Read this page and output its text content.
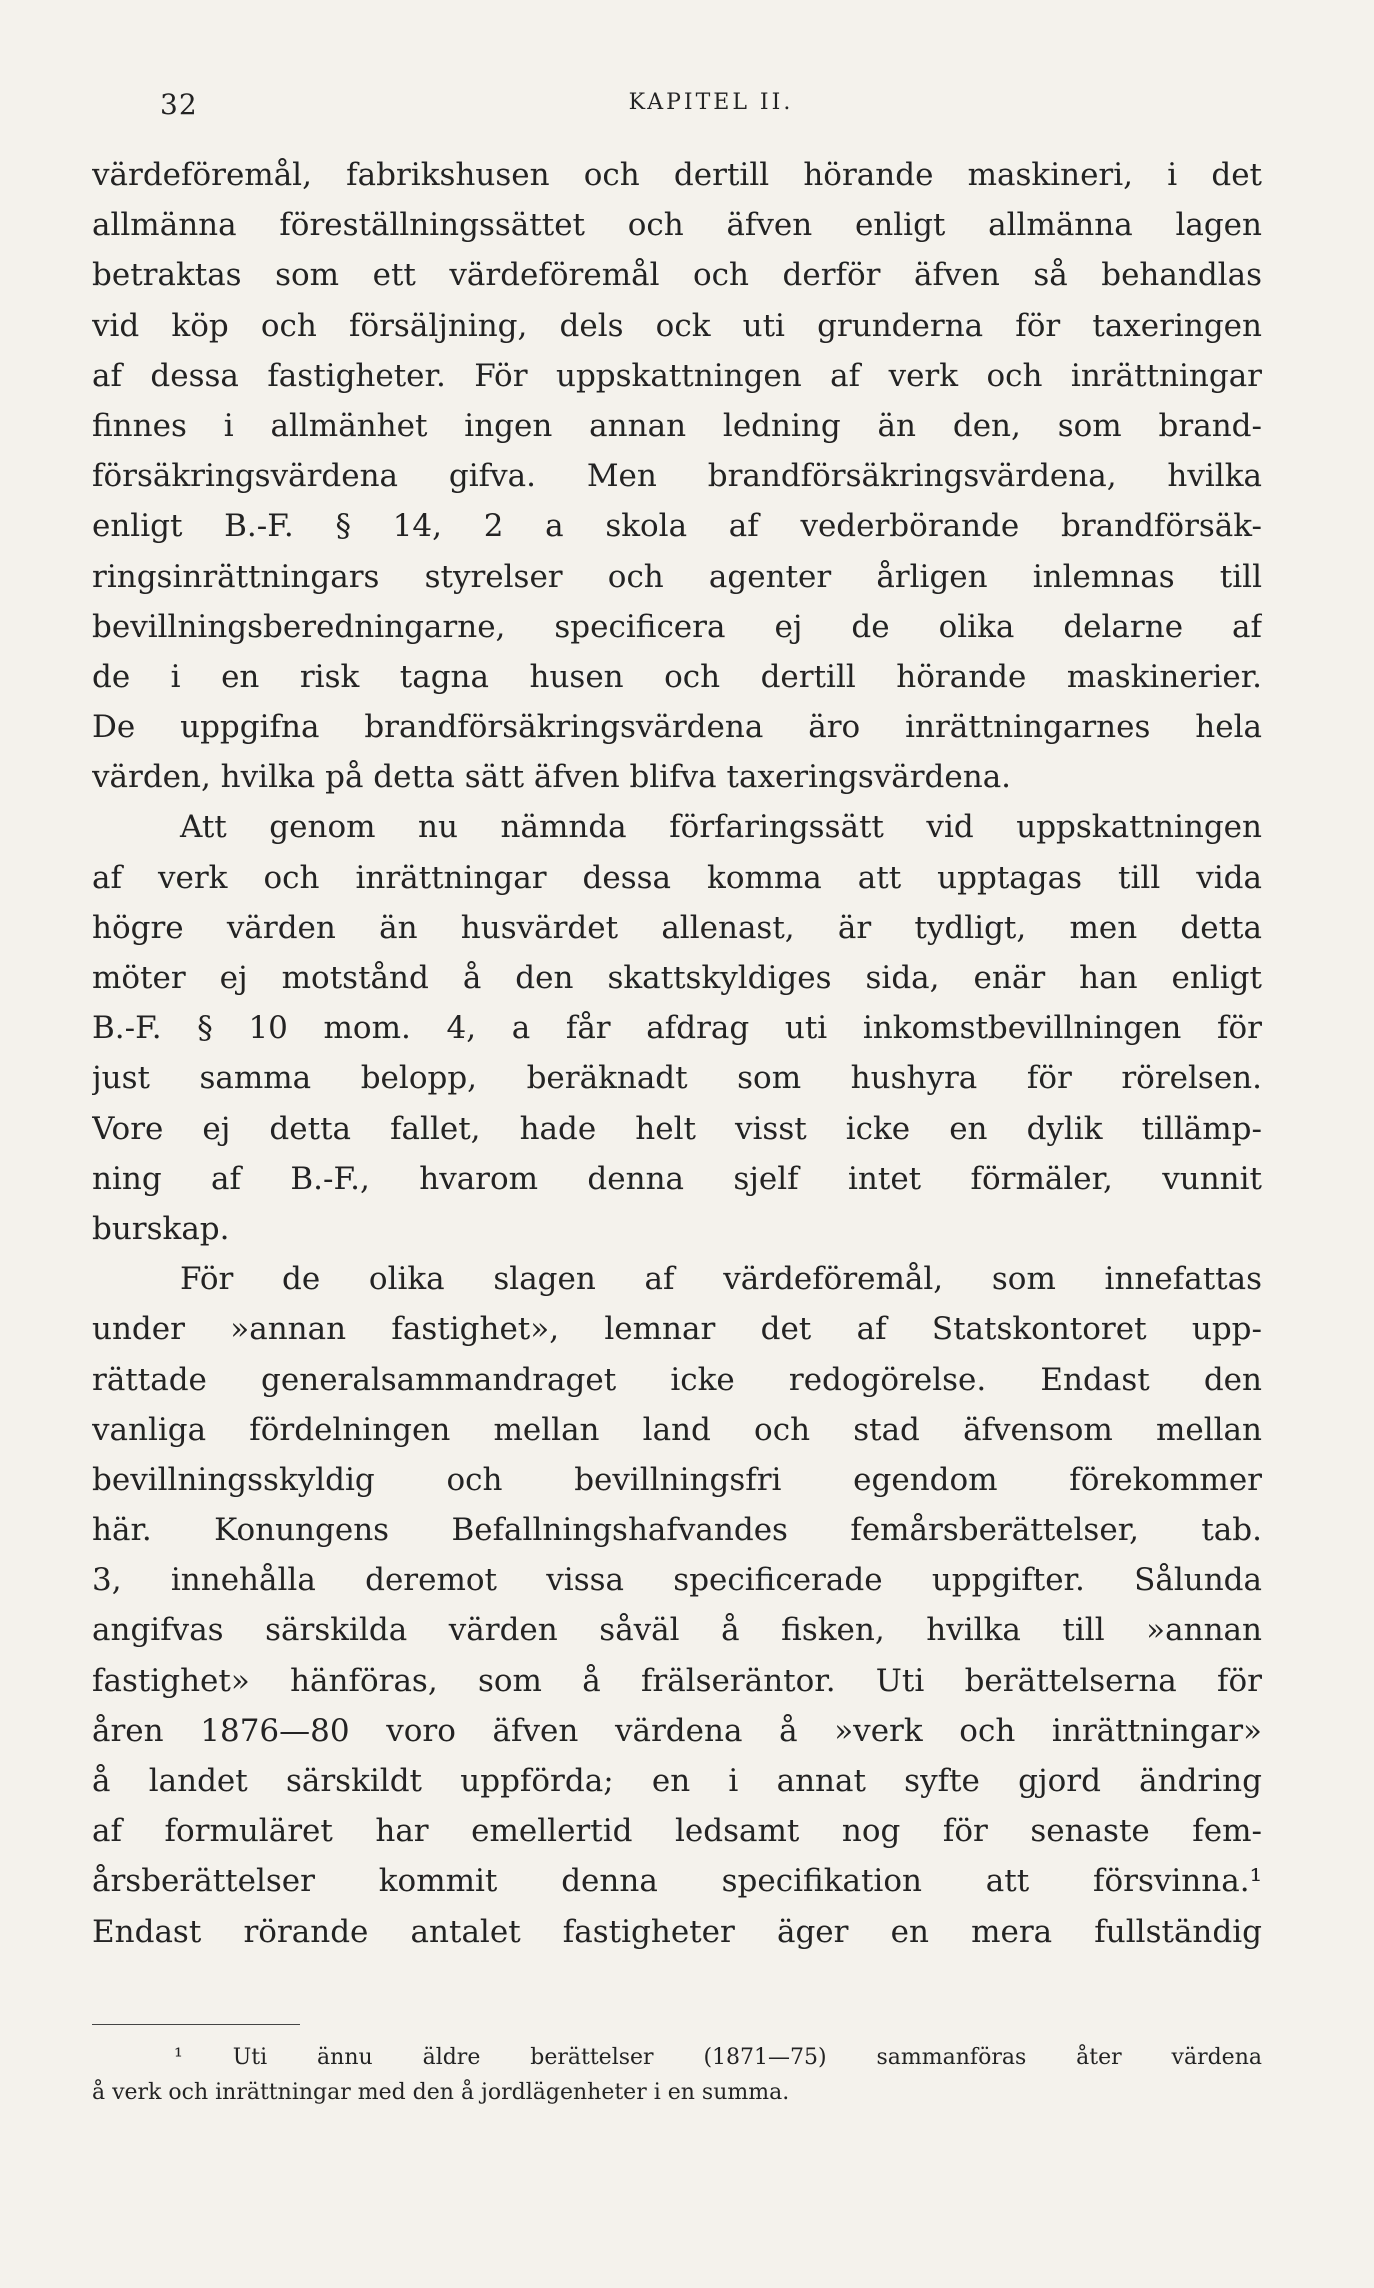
32	KAPITEL II.
värdeföremål, fabrikshusen och dertill hörande maskineri, i det
allmänna föreställningssättet och äfven enligt allmänna lagen
betraktas som ett värdeföremål och derför äfven så behandlas
vid köp och försäljning, dels ock uti grunderna för taxeringen
af dessa fastigheter. För uppskattningen af verk och inrättningar
finnes i allmänhet ingen annan ledning än den, som brand-
försäkringsvärdena gifva. Men brandförsäkringsvärdena, hvilka
enligt B.-F. § 14, 2 a skola af vederbörande brandförsäk-
ringsinrättningars styrelser och agenter årligen inlemnas till
bevillningsberedningarne, specificera ej de olika delarne af
de i en risk tagna husen och dertill hörande maskinerier.
De uppgifna brandförsäkringsvärdena äro inrättningarnes hela
värden, hvilka på detta sätt äfven blifva taxeringsvärdena.
Att genom nu nämnda förfaringssätt vid uppskattningen
af verk och inrättningar dessa komma att upptagas till vida
högre värden än husvärdet allenast, är tydligt, men detta
möter ej motstånd å den skattskyldiges sida, enär han enligt
B.-F. § 10 mom. 4, a får afdrag uti inkomstbevillningen för
just samma belopp, beräknadt som hushyra för rörelsen.
Vore ej detta fallet, hade helt visst icke en dylik tillämp-
ning af B.-F., hvarom denna sjelf intet förmäler, vunnit
burskap.
För de olika slagen af värdeföremål, som innefattas
under »annan fastighet», lemnar det af Statskontoret upp-
rättade generalsammandraget icke redogörelse. Endast den
vanliga fördelningen mellan land och stad äfvensom mellan
bevillningsskyldig och bevillningsfri egendom förekommer
här. Konungens Befallningshafvandes femårsberättelser, tab.
3, innehålla deremot vissa specificerade uppgifter. Sålunda
angifvas särskilda värden såväl å fisken, hvilka till »annan
fastighet» hänföras, som å frälseräntor. Uti berättelserna för
åren 1876—80 voro äfven värdena å »verk och inrättningar»
å landet särskildt uppförda; en i annat syfte gjord ändring
af formuläret har emellertid ledsamt nog för senaste fem-
årsberättelser kommit denna specifikation att försvinna.¹
Endast rörande antalet fastigheter äger en mera fullständig
¹ Uti ännu äldre berättelser (1871—75) sammanföras åter värdena
å verk och inrättningar med den å jordlägenheter i en summa.
